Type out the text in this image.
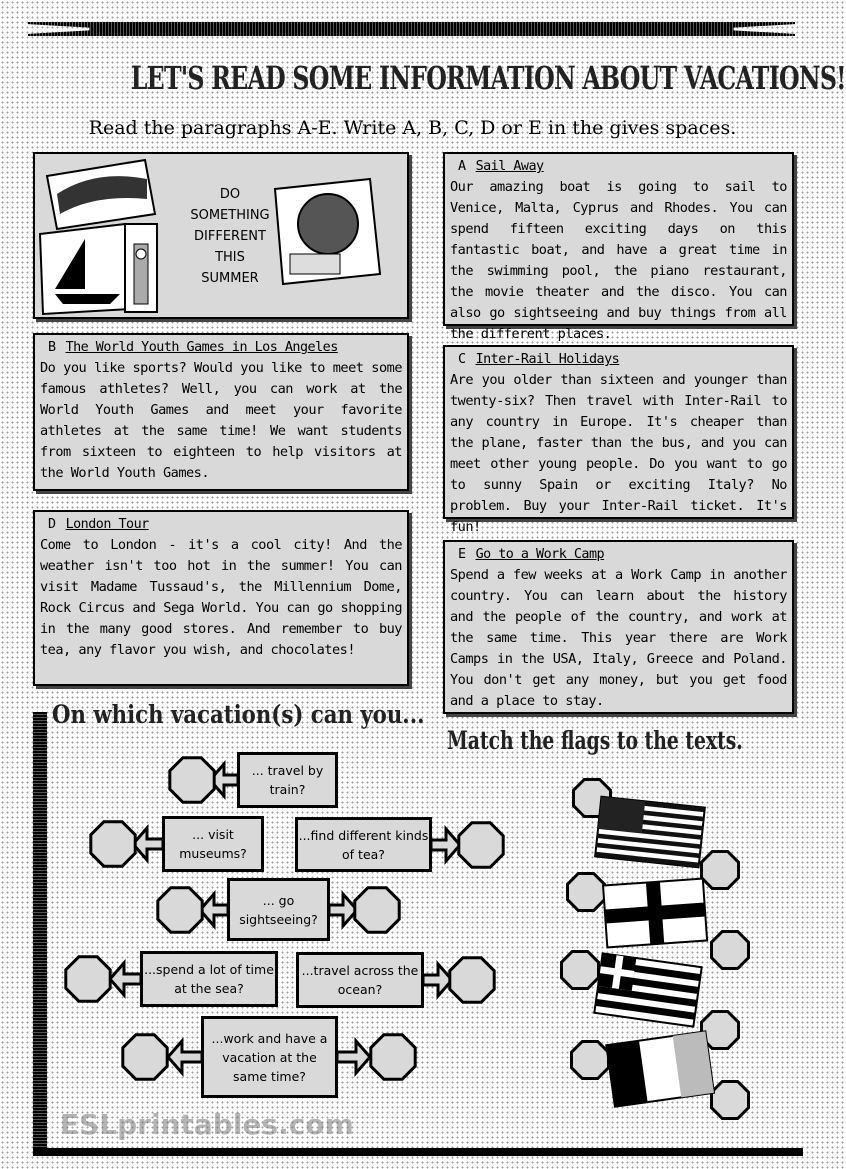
LET'S READ SOME INFORMATION ABOUT VACATIONS!
Read the paragraphs A-E. Write A, B, C, D or E in the gives spaces.
DO
SOMETHING
DIFFERENT
THIS
SUMMER
B The World Youth Games in Los Angeles
Do you like sports? Would you like to meet some famous athletes? Well, you can work at the World Youth Games and meet your favorite athletes at the same time! We want students from sixteen to eighteen to help visitors at the World Youth Games.
D London Tour
Come to London - it's a cool city! And the weather isn't too hot in the summer! You can visit Madame Tussaud's, the Millennium Dome, Rock Circus and Sega World. You can go shopping in the many good stores. And remember to buy tea, any flavor you wish, and chocolates!
A Sail Away
Our amazing boat is going to sail to Venice, Malta, Cyprus and Rhodes. You can spend fifteen exciting days on this fantastic boat, and have a great time in the swimming pool, the piano restaurant, the movie theater and the disco. You can also go sightseeing and buy things from all the different places.
C Inter-Rail Holidays
Are you older than sixteen and younger than twenty-six? Then travel with Inter-Rail to any country in Europe. It's cheaper than the plane, faster than the bus, and you can meet other young people. Do you want to go to sunny Spain or exciting Italy? No problem. Buy your Inter-Rail ticket. It's fun!
E Go to a Work Camp
Spend a few weeks at a Work Camp in another country. You can learn about the history and the people of the country, and work at the same time. This year there are Work Camps in the USA, Italy, Greece and Poland. You don't get any money, but you get food and a place to stay.
On which vacation(s) can you...
Match the flags to the texts.
... travel by train?
... visit museums?
...find different kinds of tea?
... go sightseeing?
...spend a lot of time at the sea?
...travel across the ocean?
...work and have a vacation at the same time?
ESLprintables.com
